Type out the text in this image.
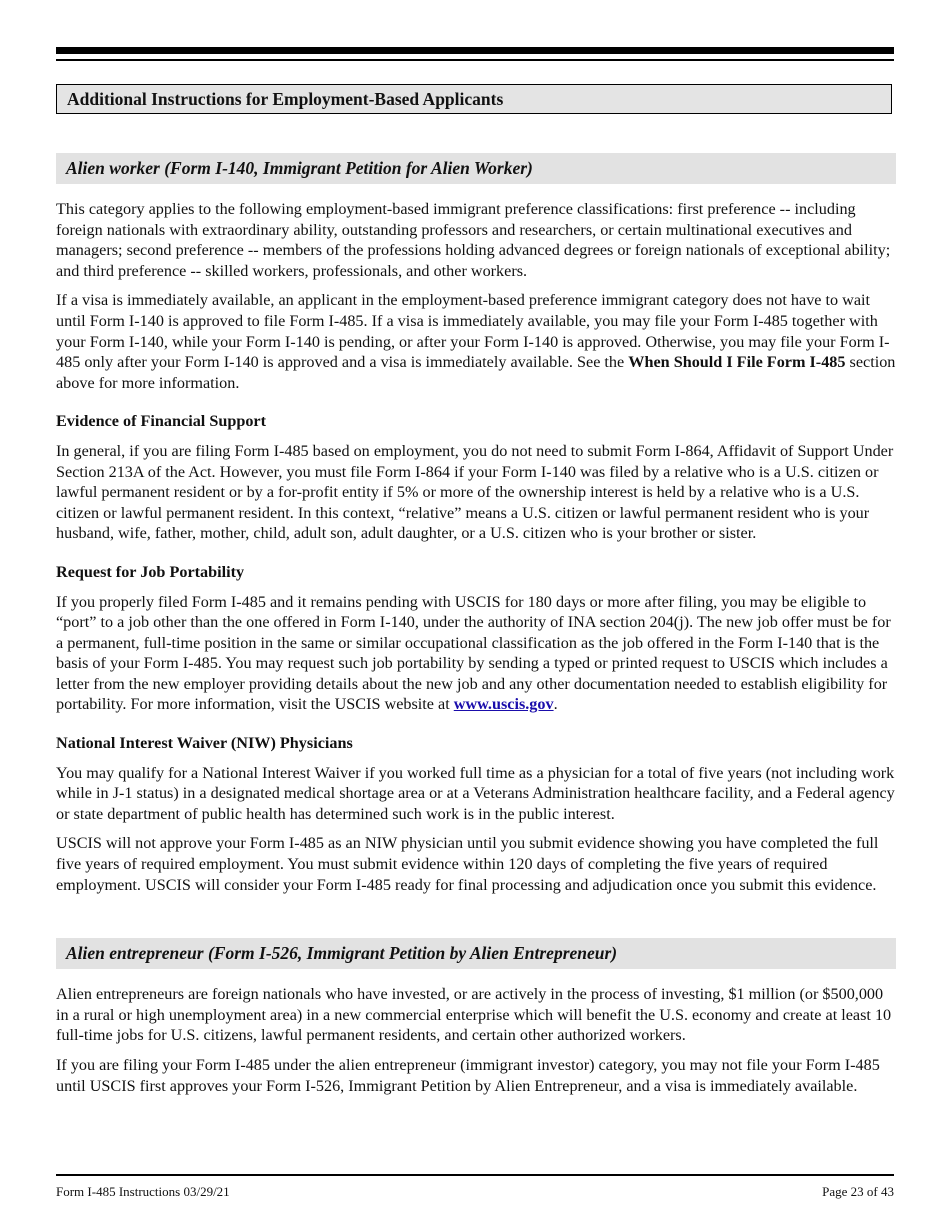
Additional Instructions for Employment-Based Applicants
Alien worker (Form I-140, Immigrant Petition for Alien Worker)

This category applies to the following employment-based immigrant preference classifications: first preference -- including foreign nationals with extraordinary ability, outstanding professors and researchers, or certain multinational executives and managers; second preference -- members of the professions holding advanced degrees or foreign nationals of exceptional ability; and third preference -- skilled workers, professionals, and other workers.

If a visa is immediately available, an applicant in the employment-based preference immigrant category does not have to wait until Form I-140 is approved to file Form I-485. If a visa is immediately available, you may file your Form I-485 together with your Form I-140, while your Form I-140 is pending, or after your Form I-140 is approved. Otherwise, you may file your Form I-485 only after your Form I-140 is approved and a visa is immediately available. See the When Should I File Form I-485 section above for more information.

Evidence of Financial Support

In general, if you are filing Form I-485 based on employment, you do not need to submit Form I-864, Affidavit of Support Under Section 213A of the Act. However, you must file Form I-864 if your Form I-140 was filed by a relative who is a U.S. citizen or lawful permanent resident or by a for-profit entity if 5% or more of the ownership interest is held by a relative who is a U.S. citizen or lawful permanent resident. In this context, “relative” means a U.S. citizen or lawful permanent resident who is your husband, wife, father, mother, child, adult son, adult daughter, or a U.S. citizen who is your brother or sister.

Request for Job Portability

If you properly filed Form I-485 and it remains pending with USCIS for 180 days or more after filing, you may be eligible to “port” to a job other than the one offered in Form I-140, under the authority of INA section 204(j). The new job offer must be for a permanent, full-time position in the same or similar occupational classification as the job offered in the Form I-140 that is the basis of your Form I-485. You may request such job portability by sending a typed or printed request to USCIS which includes a letter from the new employer providing details about the new job and any other documentation needed to establish eligibility for portability. For more information, visit the USCIS website at www.uscis.gov.

National Interest Waiver (NIW) Physicians

You may qualify for a National Interest Waiver if you worked full time as a physician for a total of five years (not including work while in J-1 status) in a designated medical shortage area or at a Veterans Administration healthcare facility, and a Federal agency or state department of public health has determined such work is in the public interest.

USCIS will not approve your Form I-485 as an NIW physician until you submit evidence showing you have completed the full five years of required employment. You must submit evidence within 120 days of completing the five years of required employment. USCIS will consider your Form I-485 ready for final processing and adjudication once you submit this evidence.

Alien entrepreneur (Form I-526, Immigrant Petition by Alien Entrepreneur)

Alien entrepreneurs are foreign nationals who have invested, or are actively in the process of investing, $1 million (or $500,000 in a rural or high unemployment area) in a new commercial enterprise which will benefit the U.S. economy and create at least 10 full-time jobs for U.S. citizens, lawful permanent residents, and certain other authorized workers.

If you are filing your Form I-485 under the alien entrepreneur (immigrant investor) category, you may not file your Form I-485 until USCIS first approves your Form I-526, Immigrant Petition by Alien Entrepreneur, and a visa is immediately available.

Form I-485 Instructions 03/29/21	Page 23 of 43
